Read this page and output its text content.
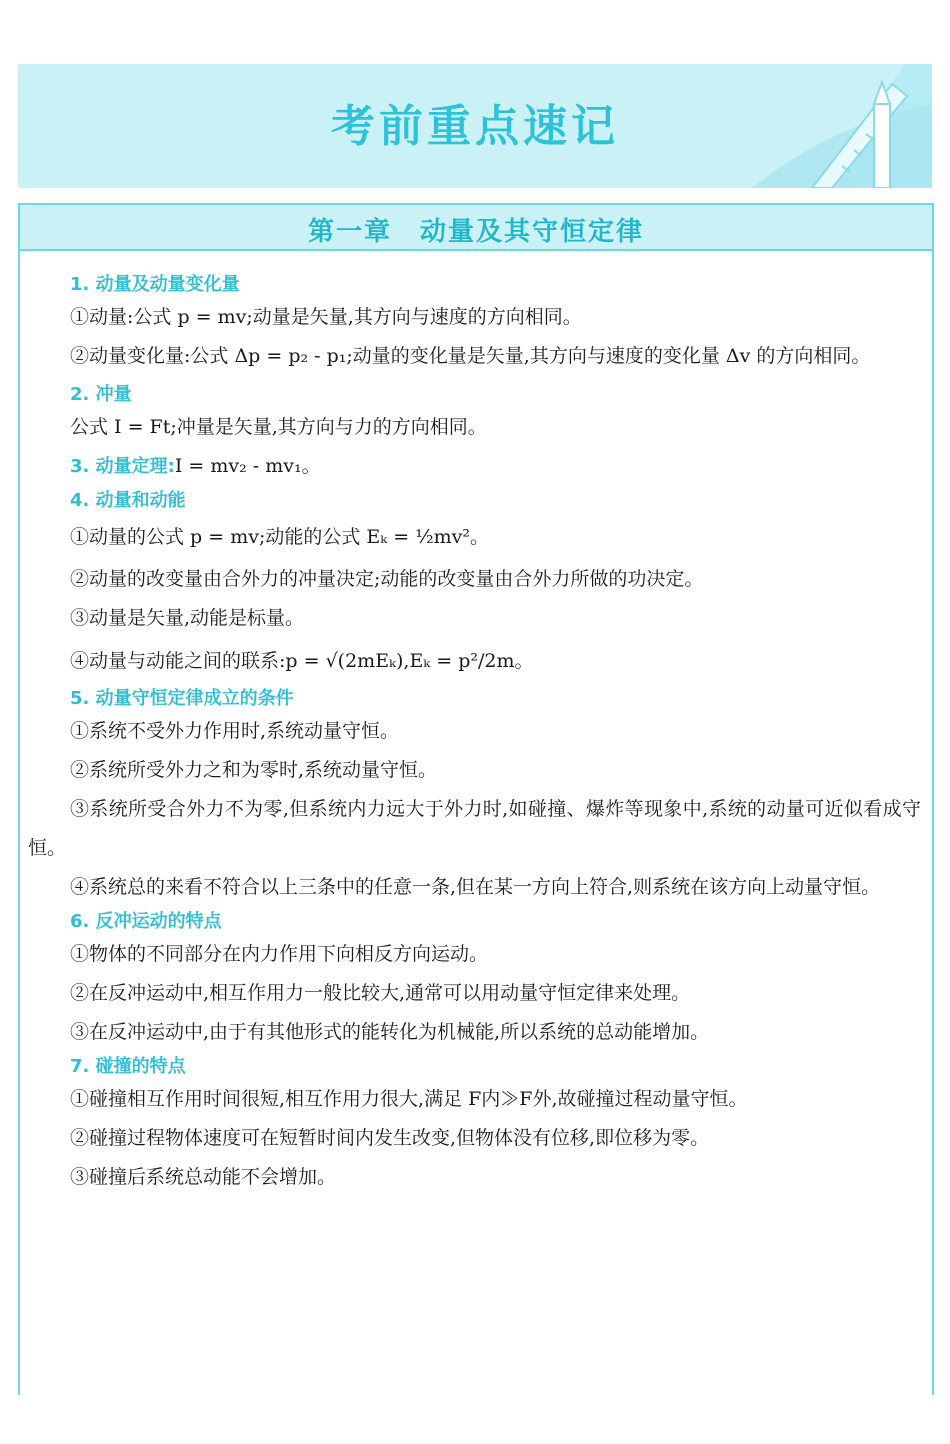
考前重点速记
第一章　动量及其守恒定律

1. 动量及动量变化量

①动量:公式 p = mv;动量是矢量,其方向与速度的方向相同。

②动量变化量:公式 Δp = p₂ - p₁;动量的变化量是矢量,其方向与速度的变化量 Δv 的方向相同。

2. 冲量

公式 I = Ft;冲量是矢量,其方向与力的方向相同。

3. 动量定理:I = mv₂ - mv₁。

4. 动量和动能

①动量的公式 p = mv;动能的公式 Eₖ = ½mv²。

②动量的改变量由合外力的冲量决定;动能的改变量由合外力所做的功决定。

③动量是矢量,动能是标量。

④动量与动能之间的联系:p = √(2mEₖ),Eₖ = p²/2m。

5. 动量守恒定律成立的条件

①系统不受外力作用时,系统动量守恒。

②系统所受外力之和为零时,系统动量守恒。

③系统所受合外力不为零,但系统内力远大于外力时,如碰撞、爆炸等现象中,系统的动量可近似看成守恒。

④系统总的来看不符合以上三条中的任意一条,但在某一方向上符合,则系统在该方向上动量守恒。

6. 反冲运动的特点

①物体的不同部分在内力作用下向相反方向运动。

②在反冲运动中,相互作用力一般比较大,通常可以用动量守恒定律来处理。

③在反冲运动中,由于有其他形式的能转化为机械能,所以系统的总动能增加。

7. 碰撞的特点

①碰撞相互作用时间很短,相互作用力很大,满足 F内≫F外,故碰撞过程动量守恒。

②碰撞过程物体速度可在短暂时间内发生改变,但物体没有位移,即位移为零。

③碰撞后系统总动能不会增加。
